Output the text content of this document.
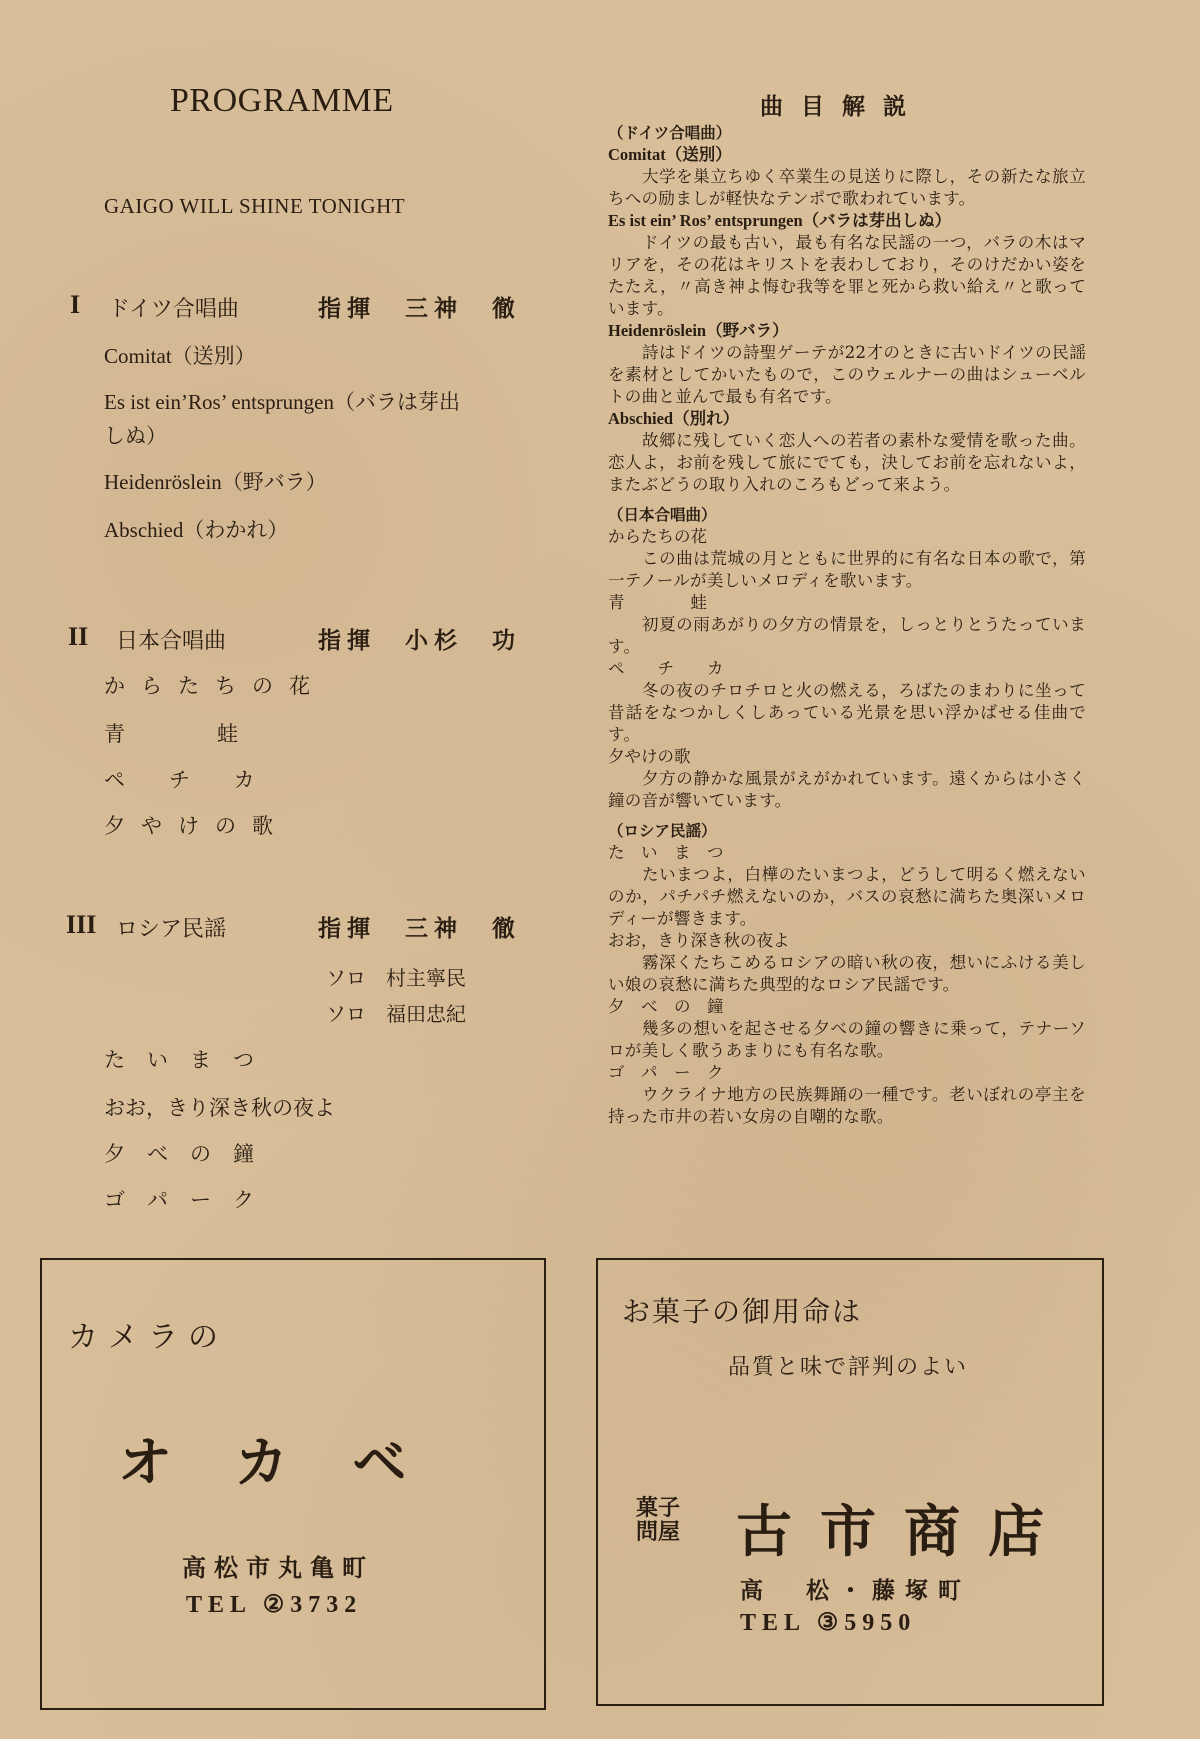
PROGRAMME
GAIGO WILL SHINE TONIGHT
I ドイツ合唱曲	指揮　三神　徹
Comitat（送別）
Es ist ein’Ros’ entsprungen（バラは芽出
しぬ）
Heidenröslein（野バラ）
Abschied（わかれ）
II 日本合唱曲	指揮　小杉　功
からたちの花
青蛙
ペチカ
夕やけの歌
III ロシア民謡	指揮　三神　徹
ソロ　村主寧民
ソロ　福田忠紀
たいまつ
おお，きり深き秋の夜よ
夕べの鐘
ゴパーク
曲目解説
（ドイツ合唱曲）
Comitat（送別）
大学を巣立ちゆく卒業生の見送りに際し，その新たな旅立ちへの励ましが軽快なテンポで歌われています。
Es ist ein’ Ros’ entsprungen（バラは芽出しぬ）
ドイツの最も古い，最も有名な民謡の一つ，バラの木はマリアを，その花はキリストを表わしており，そのけだかい姿をたたえ，〃高き神よ悔む我等を罪と死から救い給え〃と歌っています。
Heidenröslein（野バラ）
詩はドイツの詩聖ゲーテが22才のときに古いドイツの民謡を素材としてかいたもので，このウェルナーの曲はシューベルトの曲と並んで最も有名です。
Abschied（別れ）
故郷に残していく恋人への若者の素朴な愛情を歌った曲。恋人よ，お前を残して旅にでても，決してお前を忘れないよ，またぶどうの取り入れのころもどって来よう。
（日本合唱曲）
からたちの花
この曲は荒城の月とともに世界的に有名な日本の歌で，第一テノールが美しいメロディを歌います。
青　　　　蛙
初夏の雨あがりの夕方の情景を，しっとりとうたっています。
ペ　　チ　　カ
冬の夜のチロチロと火の燃える，ろばたのまわりに坐って昔話をなつかしくしあっている光景を思い浮かばせる佳曲です。
夕やけの歌
夕方の静かな風景がえがかれています。遠くからは小さく鐘の音が響いています。
（ロシア民謡）
た　い　ま　つ
たいまつよ，白樺のたいまつよ，どうして明るく燃えないのか，パチパチ燃えないのか，バスの哀愁に満ちた奥深いメロディーが響きます。
おお，きり深き秋の夜よ
霧深くたちこめるロシアの暗い秋の夜，想いにふける美しい娘の哀愁に満ちた典型的なロシア民謡です。
夕　べ　の　鐘
幾多の想いを起させる夕べの鐘の響きに乗って，テナーソロが美しく歌うあまりにも有名な歌。
ゴ　パ　ー　ク
ウクライナ地方の民族舞踊の一種です。老いぼれの亭主を持った市井の若い女房の自嘲的な歌。
カメラの
オカベ
高松市丸亀町
TEL ②3732
お菓子の御用命は
品質と味で評判のよい
菓子問屋 古市商店
高　松・藤塚町
TEL ③5950
